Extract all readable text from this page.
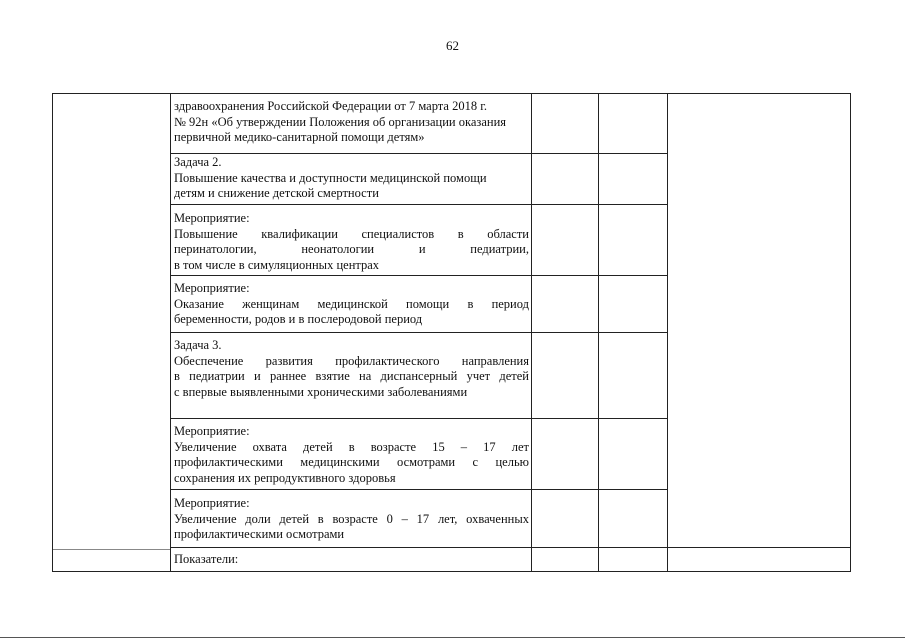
62

здравоохранения Российской Федерации от 7 марта 2018 г.

№ 92н «Об утверждении Положения об организации оказания

первичной медико-санитарной помощи детям»

Задача 2.

Повышение качества и доступности медицинской помощи

детям и снижение детской смертности

Мероприятие:

Повышение квалификации специалистов в области

перинатологии, неонатологии и педиатрии,

в том числе в симуляционных центрах

Мероприятие:

Оказание женщинам медицинской помощи в период

беременности, родов и в послеродовой период

Задача 3.

Обеспечение развития профилактического направления

в педиатрии и раннее взятие на диспансерный учет детей

с впервые выявленными хроническими заболеваниями

Мероприятие:

Увеличение охвата детей в возрасте 15 – 17 лет

профилактическими медицинскими осмотрами с целью

сохранения их репродуктивного здоровья

Мероприятие:

Увеличение доли детей в возрасте 0 – 17 лет, охваченных

профилактическими осмотрами

Показатели:
